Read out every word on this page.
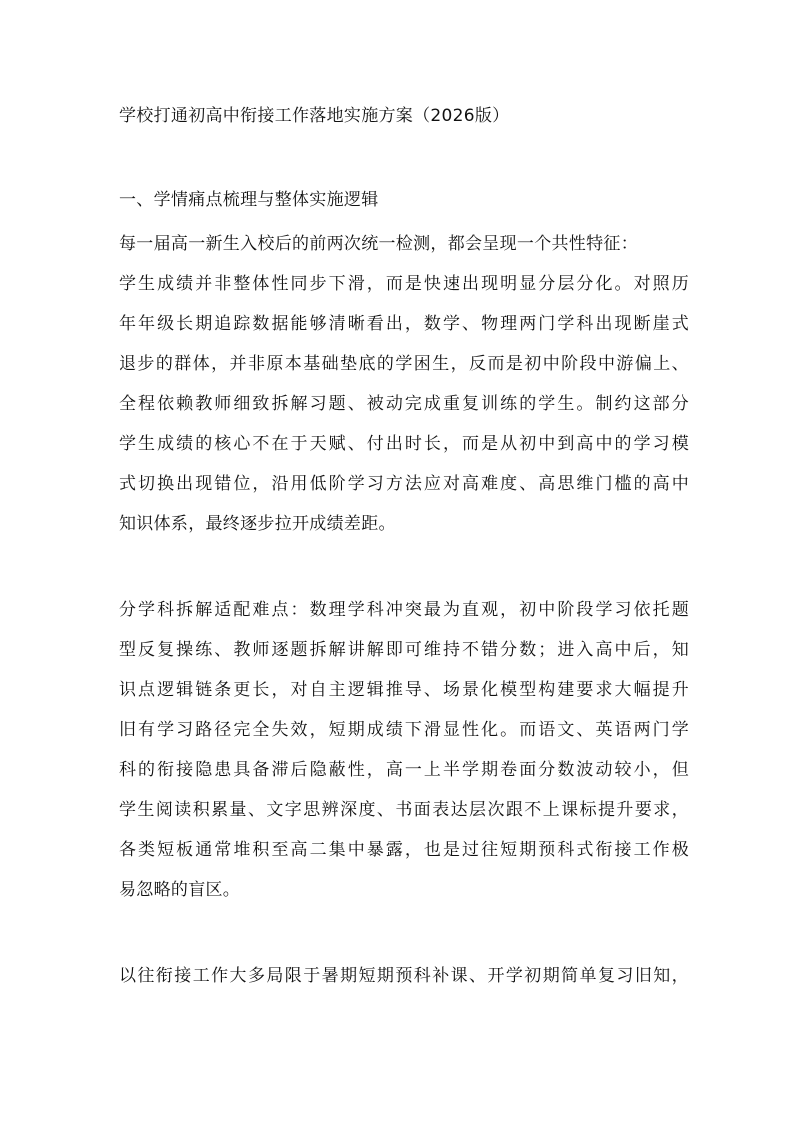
学校打通初高中衔接工作落地实施方案（2026版）
一、学情痛点梳理与整体实施逻辑
每一届高一新生入校后的前两次统一检测，都会呈现一个共性特征：
学生成绩并非整体性同步下滑，而是快速出现明显分层分化。对照历
年年级长期追踪数据能够清晰看出，数学、物理两门学科出现断崖式
退步的群体，并非原本基础垫底的学困生，反而是初中阶段中游偏上、
全程依赖教师细致拆解习题、被动完成重复训练的学生。制约这部分
学生成绩的核心不在于天赋、付出时长，而是从初中到高中的学习模
式切换出现错位，沿用低阶学习方法应对高难度、高思维门槛的高中
知识体系，最终逐步拉开成绩差距。
分学科拆解适配难点：数理学科冲突最为直观，初中阶段学习依托题
型反复操练、教师逐题拆解讲解即可维持不错分数；进入高中后，知
识点逻辑链条更长，对自主逻辑推导、场景化模型构建要求大幅提升
旧有学习路径完全失效，短期成绩下滑显性化。而语文、英语两门学
科的衔接隐患具备滞后隐蔽性，高一上半学期卷面分数波动较小，但
学生阅读积累量、文字思辨深度、书面表达层次跟不上课标提升要求，
各类短板通常堆积至高二集中暴露，也是过往短期预科式衔接工作极
易忽略的盲区。
以往衔接工作大多局限于暑期短期预科补课、开学初期简单复习旧知，
